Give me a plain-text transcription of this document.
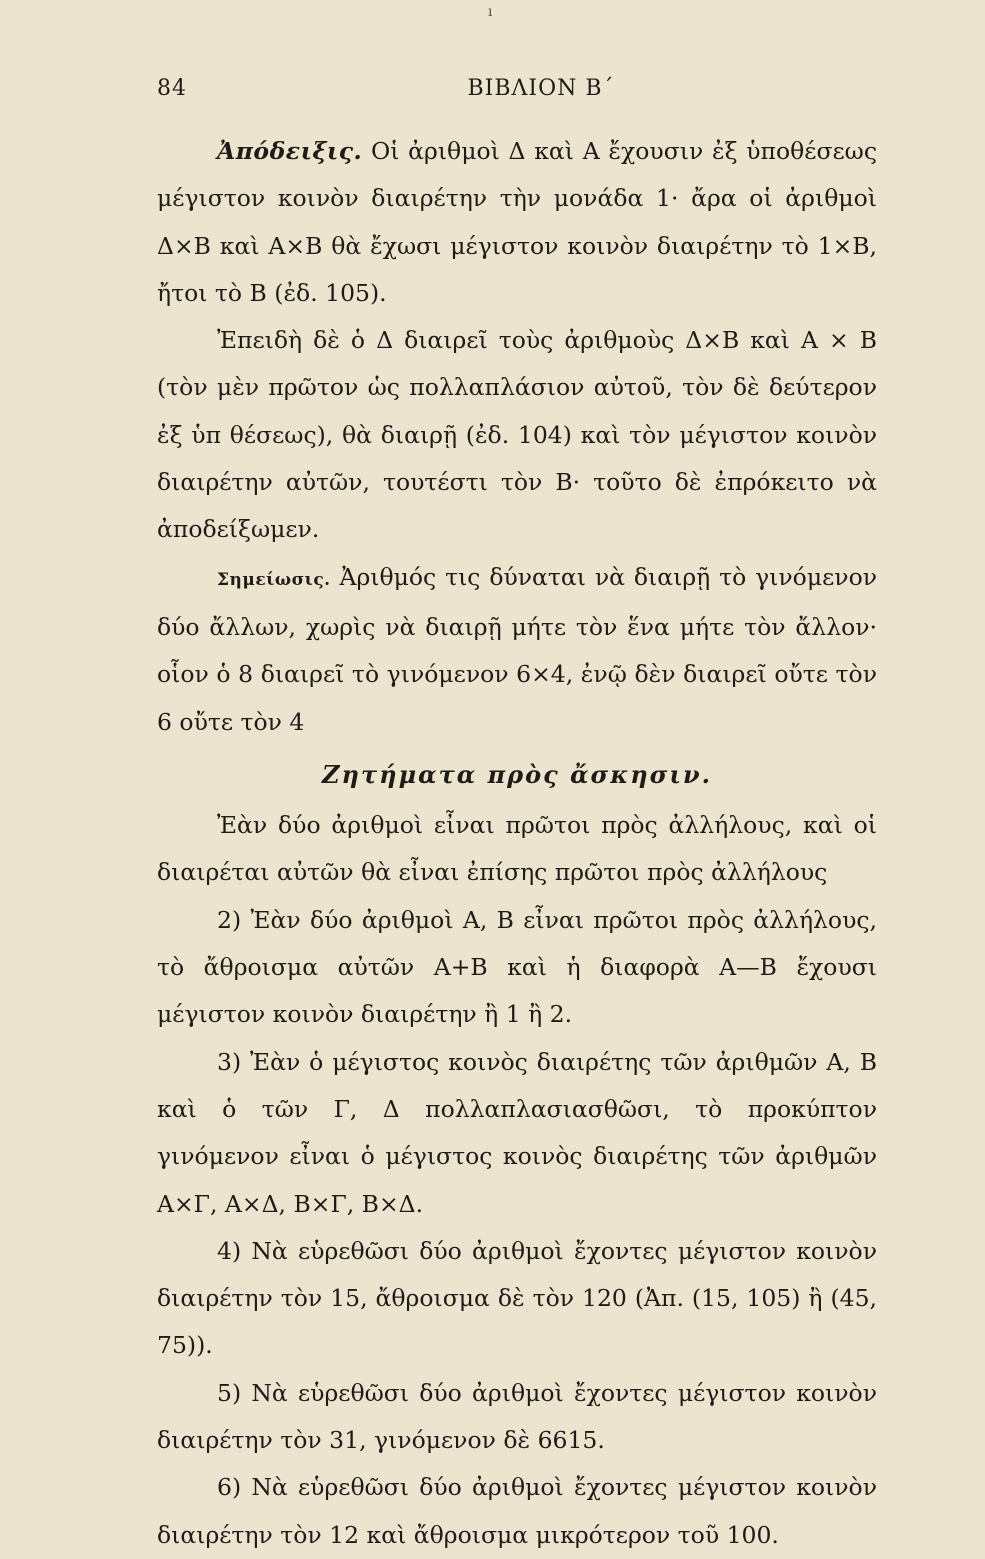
ı
84	ΒΙΒΛΙΟΝ Β΄

Ἀπόδειξις. Οἱ ἀριθμοὶ Δ καὶ Α ἔχουσιν ἐξ ὑποθέσεως μέγιστον κοινὸν διαιρέτην τὴν μονάδα 1· ἄρα οἱ ἀριθμοὶ Δ×Β καὶ Α×Β θὰ ἔχωσι μέγιστον κοινὸν διαιρέτην τὸ 1×Β, ἤτοι τὸ Β (ἐδ. 105).

Ἐπειδὴ δὲ ὁ Δ διαιρεῖ τοὺς ἀριθμοὺς Δ×Β καὶ Α × Β (τὸν μὲν πρῶτον ὡς πολλαπλάσιον αὐτοῦ, τὸν δὲ δεύτερον ἐξ ὑπ θέσεως), θὰ διαιρῇ (ἐδ. 104) καὶ τὸν μέγιστον κοινὸν διαιρέτην αὐτῶν, τουτέστι τὸν Β· τοῦτο δὲ ἐπρόκειτο νὰ ἀποδείξωμεν.

Σημείωσις. Ἀριθμός τις δύναται νὰ διαιρῇ τὸ γινόμενον δύο ἄλλων, χωρὶς νὰ διαιρῇ μήτε τὸν ἕνα μήτε τὸν ἄλλον· οἷον ὁ 8 διαιρεῖ τὸ γινόμενον 6×4, ἐνῷ δὲν διαιρεῖ οὔτε τὸν 6 οὔτε τὸν 4

Ζητήματα πρὸς ἄσκησιν.

Ἐὰν δύο ἀριθμοὶ εἶναι πρῶτοι πρὸς ἀλλήλους, καὶ οἱ διαιρέται αὐτῶν θὰ εἶναι ἐπίσης πρῶτοι πρὸς ἀλλήλους

2) Ἐὰν δύο ἀριθμοὶ Α, Β εἶναι πρῶτοι πρὸς ἀλλήλους, τὸ ἄθροισμα αὐτῶν Α+Β καὶ ἡ διαφορὰ Α—Β ἔχουσι μέγιστον κοινὸν διαιρέτην ἢ 1 ἢ 2.

3) Ἐὰν ὁ μέγιστος κοινὸς διαιρέτης τῶν ἀριθμῶν Α, Β καὶ ὁ τῶν Γ, Δ πολλαπλασιασθῶσι, τὸ προκύπτον γινόμενον εἶναι ὁ μέγιστος κοινὸς διαιρέτης τῶν ἀριθμῶν Α×Γ, Α×Δ, Β×Γ, Β×Δ.

4) Νὰ εὑρεθῶσι δύο ἀριθμοὶ ἔχοντες μέγιστον κοινὸν διαιρέτην τὸν 15, ἄθροισμα δὲ τὸν 120 (Ἀπ. (15, 105) ἢ (45, 75)).

5) Νὰ εὑρεθῶσι δύο ἀριθμοὶ ἔχοντες μέγιστον κοινὸν διαιρέτην τὸν 31, γινόμενον δὲ 6615.

6) Νὰ εὑρεθῶσι δύο ἀριθμοὶ ἔχοντες μέγιστον κοινὸν διαιρέτην τὸν 12 καὶ ἄθροισμα μικρότερον τοῦ 100.
